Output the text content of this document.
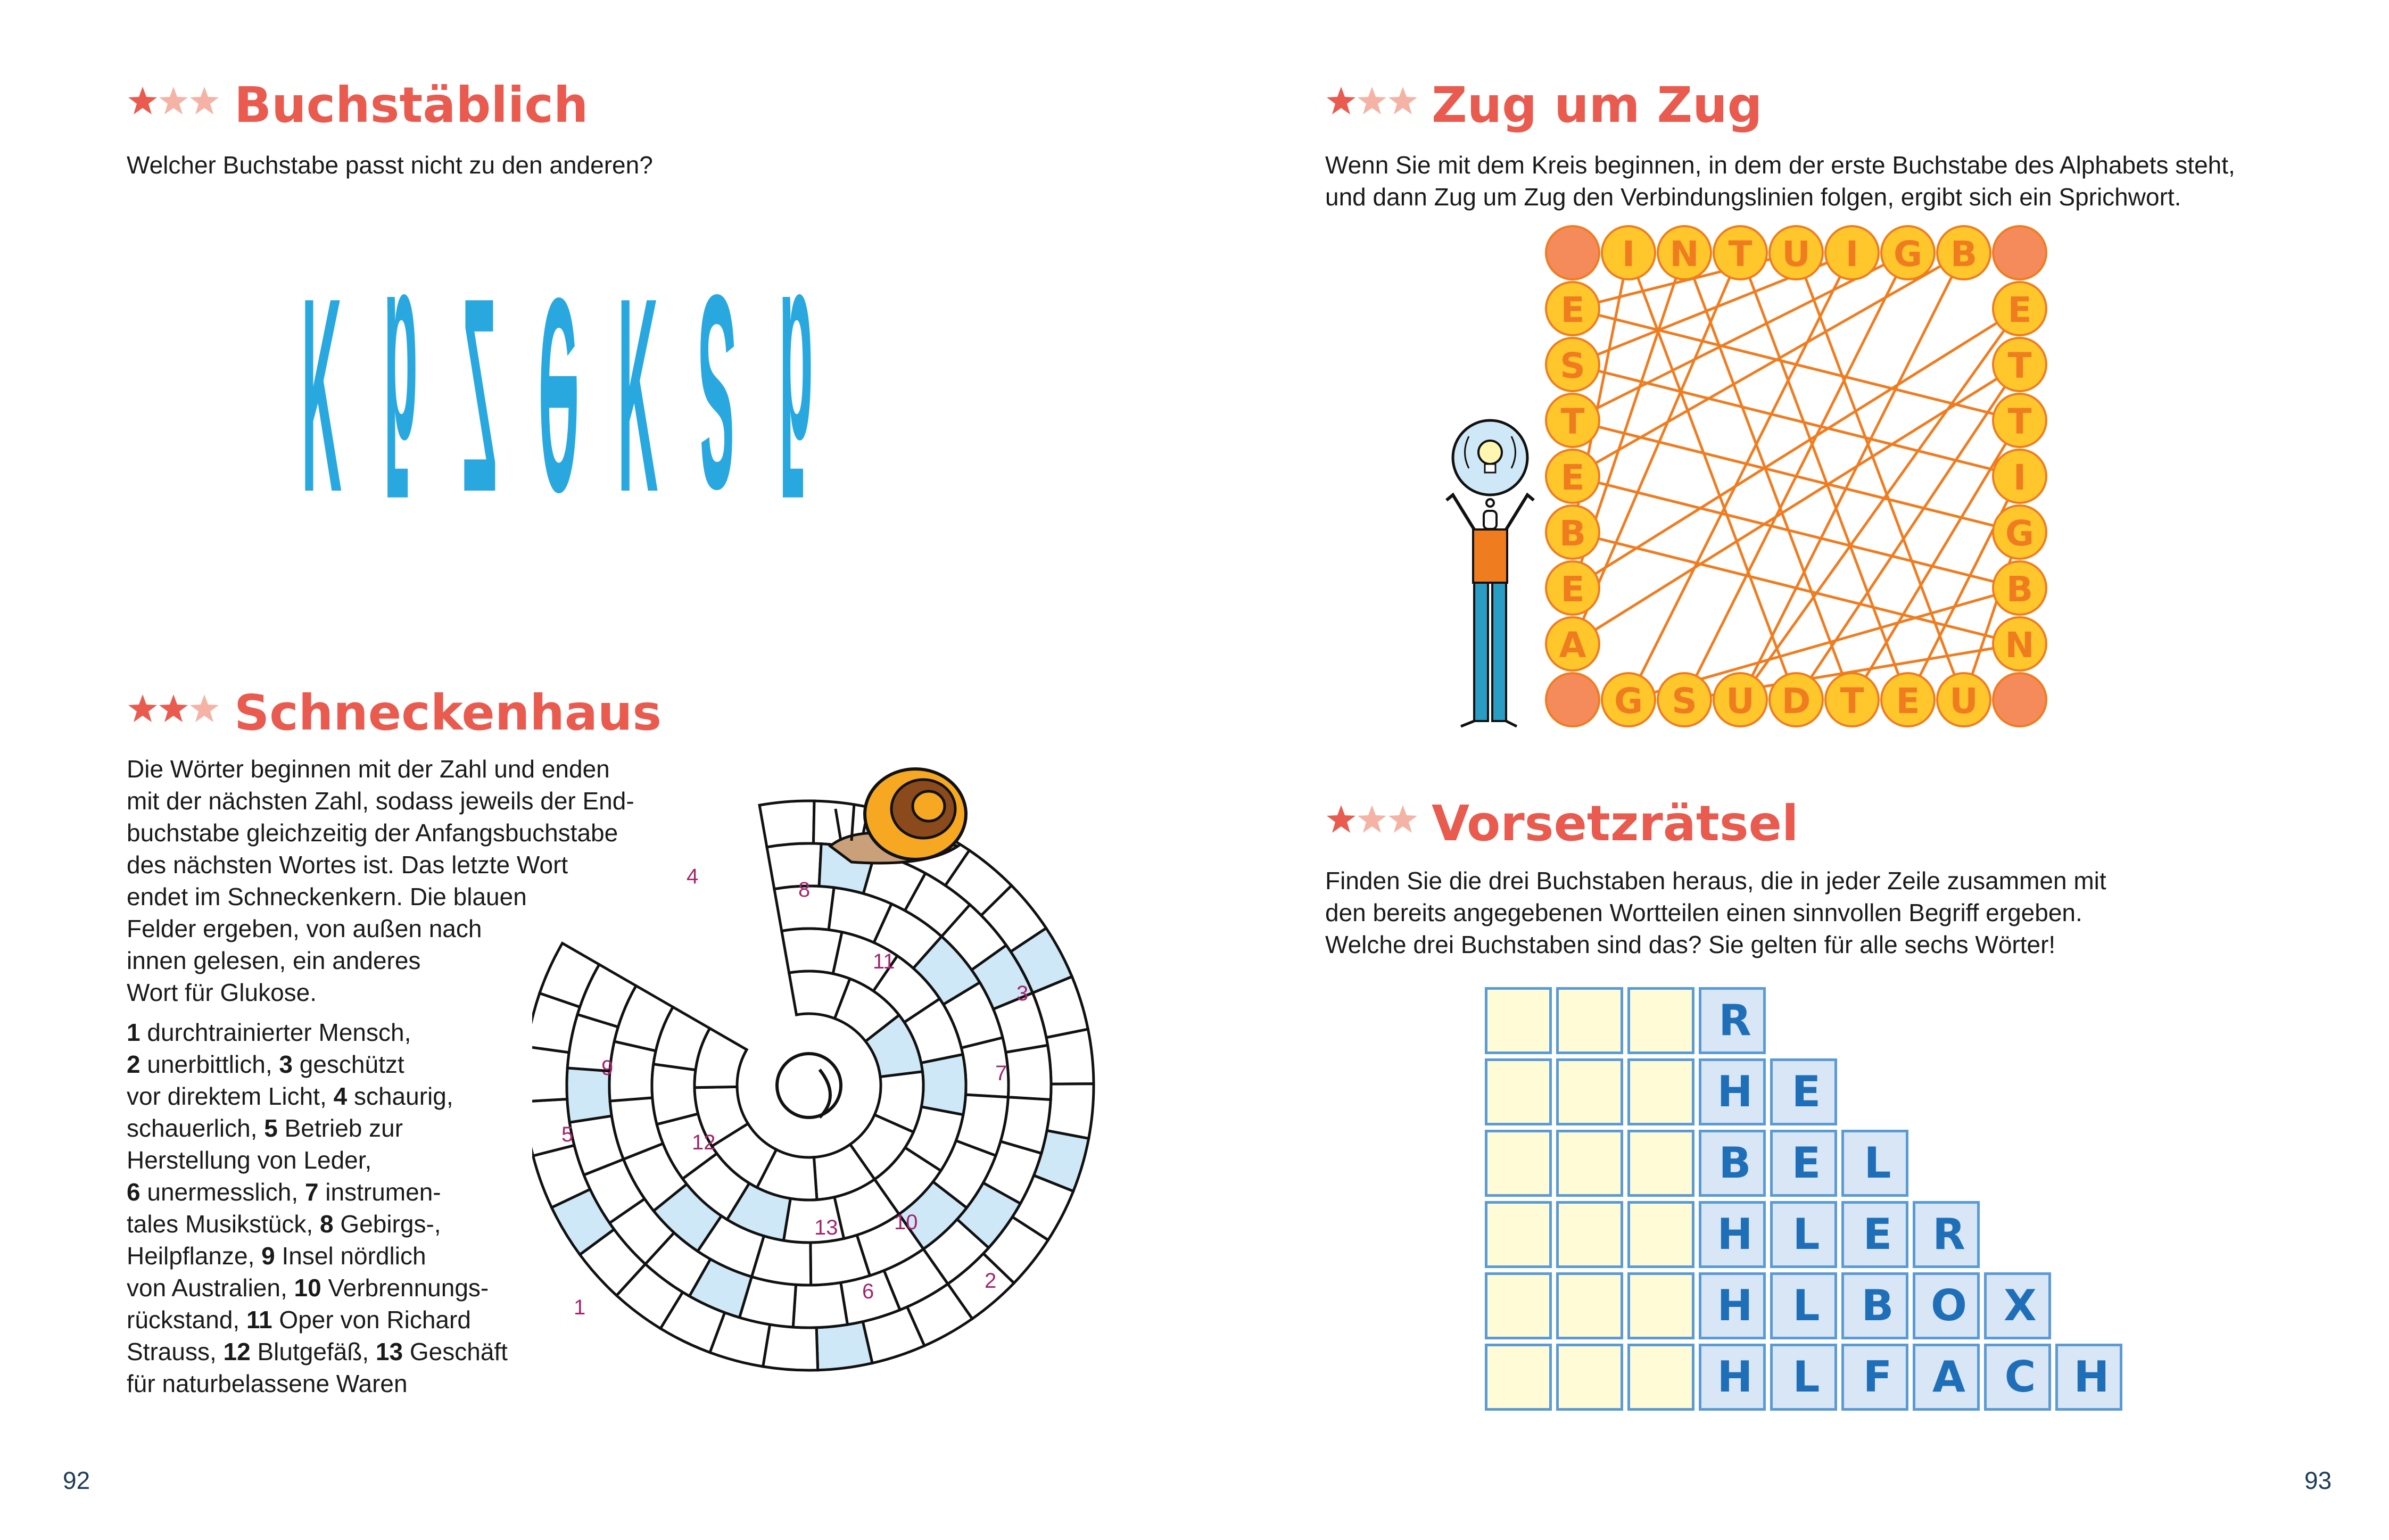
Buchstäblich
Welcher Buchstabe passt nicht zu den anderen?
K ƃ Z Ə K S ƃ
Schneckenhaus
Die Wörter beginnen mit der Zahl und enden
mit der nächsten Zahl, sodass jeweils der End-
buchstabe gleichzeitig der Anfangsbuchstabe
des nächsten Wortes ist. Das letzte Wort
endet im Schneckenkern. Die blauen
Felder ergeben, von außen nach
innen gelesen, ein anderes
Wort für Glukose.
1 durchtrainierter Mensch,
2 unerbittlich, 3 geschützt
vor direktem Licht, 4 schaurig,
schauerlich, 5 Betrieb zur
Herstellung von Leder,
6 unermesslich, 7 instrumen-
tales Musikstück, 8 Gebirgs-,
Heilpflanze, 9 Insel nördlich
von Australien, 10 Verbrennungs-
rückstand, 11 Oper von Richard
Strauss, 12 Blutgefäß, 13 Geschäft
für naturbelassene Waren
1
2
3
4
5
6
7
8
9
10
11
12
13
92
Zug um Zug
Wenn Sie mit dem Kreis beginnen, in dem der erste Buchstabe des Alphabets steht,
und dann Zug um Zug den Verbindungslinien folgen, ergibt sich ein Sprichwort.
I N T U I G B
G S U D T E U
E
S
T
E
B
E
A
E
T
T
I
G
B
N
Vorsetzrätsel
Finden Sie die drei Buchstaben heraus, die in jeder Zeile zusammen mit
den bereits angegebenen Wortteilen einen sinnvollen Begriff ergeben.
Welche drei Buchstaben sind das? Sie gelten für alle sechs Wörter!
R
H E
B E	L
H L	E R
H L B O X
H L	F A C H
93
